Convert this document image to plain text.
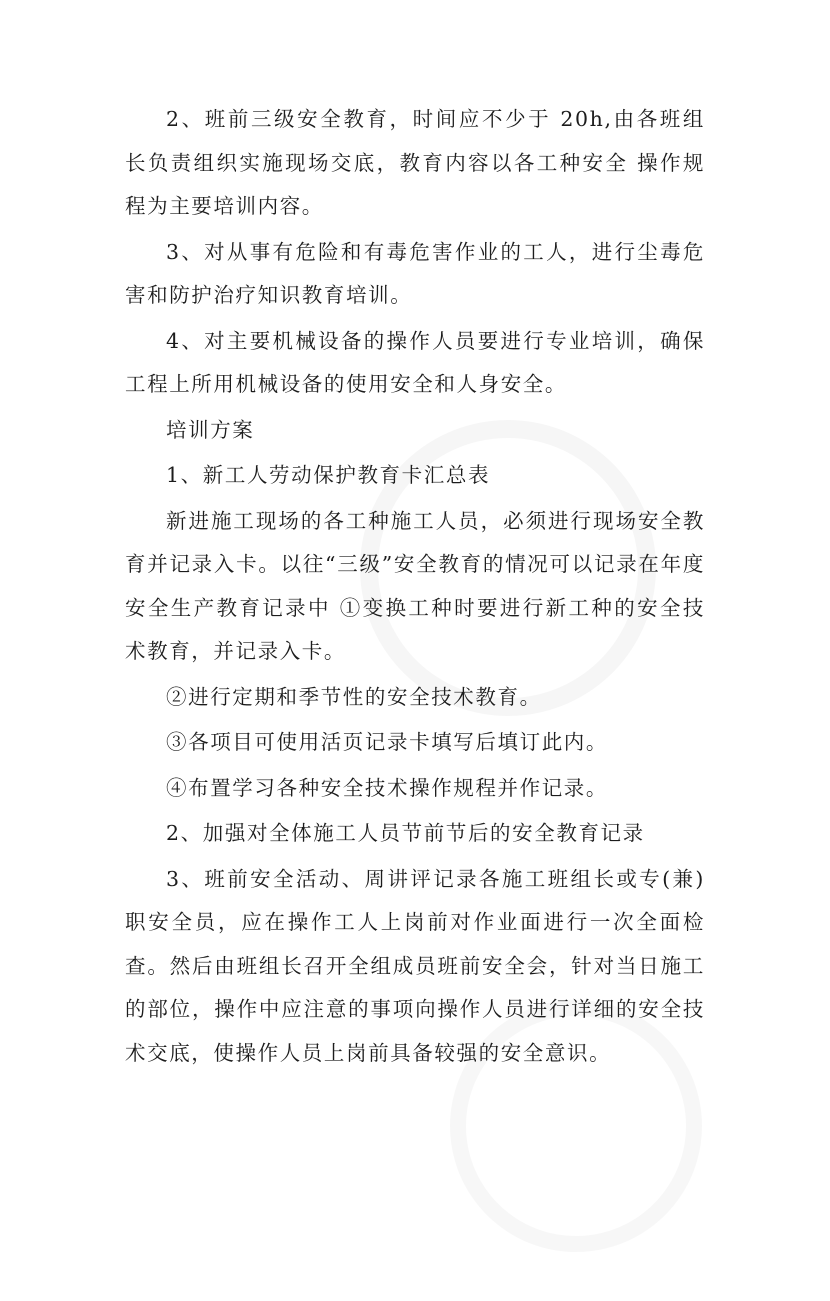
2、班前三级安全教育，时间应不少于 20h,由各班组长负责组织实施现场交底，教育内容以各工种安全 操作规程为主要培训内容。

3、对从事有危险和有毒危害作业的工人，进行尘毒危害和防护治疗知识教育培训。

4、对主要机械设备的操作人员要进行专业培训，确保工程上所用机械设备的使用安全和人身安全。

培训方案

1、新工人劳动保护教育卡汇总表

新进施工现场的各工种施工人员，必须进行现场安全教育并记录入卡。以往“三级”安全教育的情况可以记录在年度安全生产教育记录中 ①变换工种时要进行新工种的安全技术教育，并记录入卡。

②进行定期和季节性的安全技术教育。

③各项目可使用活页记录卡填写后填订此内。

④布置学习各种安全技术操作规程并作记录。

2、加强对全体施工人员节前节后的安全教育记录

3、班前安全活动、周讲评记录各施工班组长或专(兼)职安全员，应在操作工人上岗前对作业面进行一次全面检查。然后由班组长召开全组成员班前安全会，针对当日施工的部位，操作中应注意的事项向操作人员进行详细的安全技术交底，使操作人员上岗前具备较强的安全意识。
